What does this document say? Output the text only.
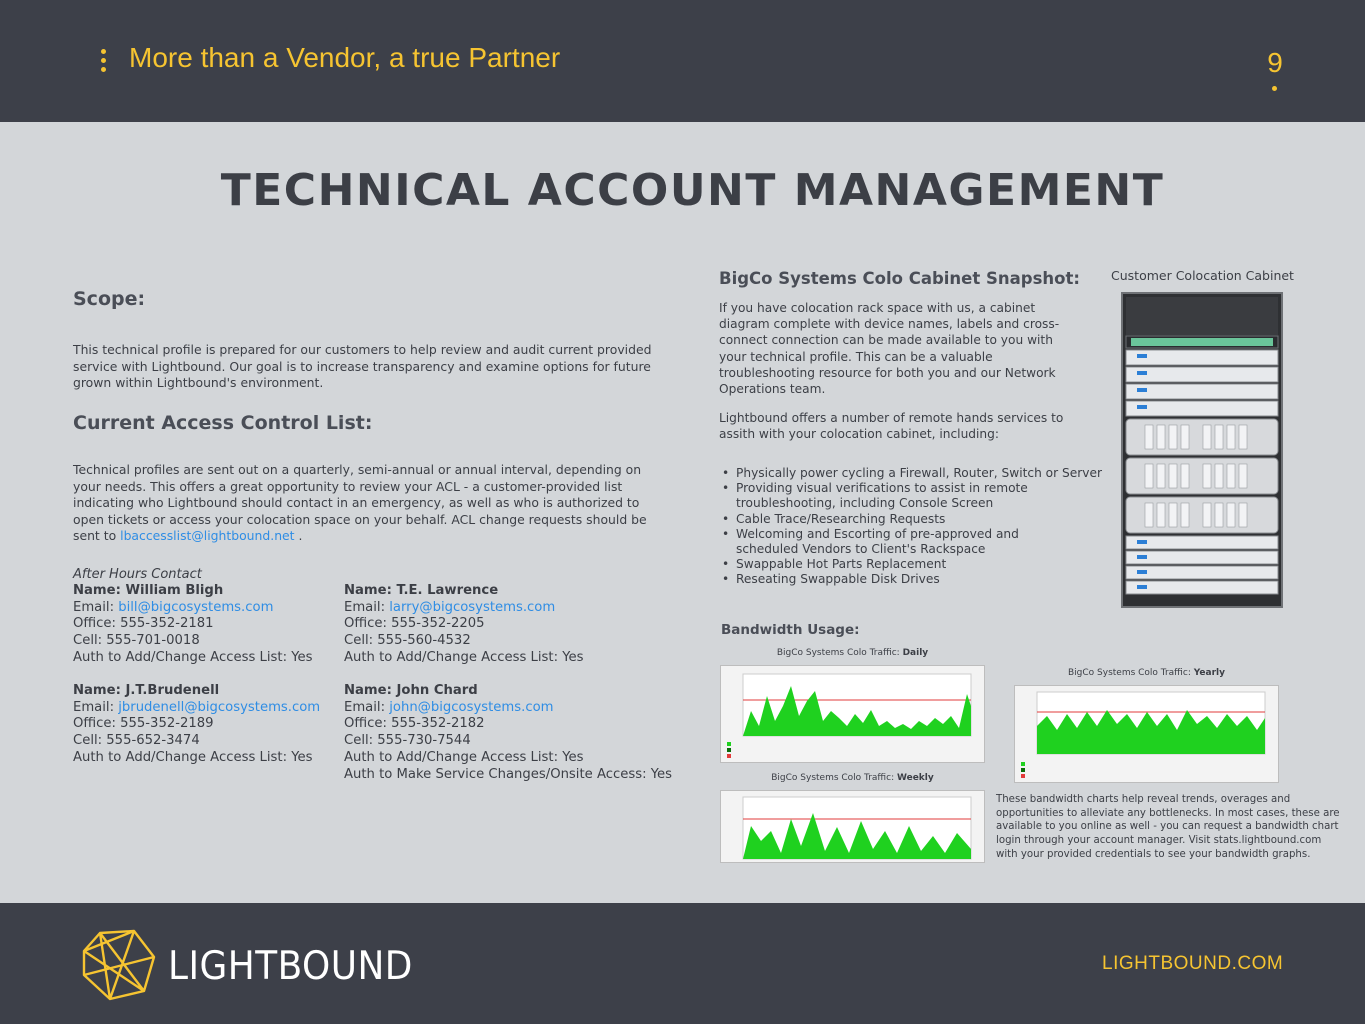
More than a Vendor, a true Partner	9
TECHNICAL ACCOUNT MANAGEMENT
Scope:
This technical profile is prepared for our customers to help review and audit current provided service with Lightbound. Our goal is to increase transparency and examine options for future grown within Lightbound's environment.
Current Access Control List:
Technical profiles are sent out on a quarterly, semi-annual or annual interval, depending on your needs. This offers a great opportunity to review your ACL - a customer-provided list indicating who Lightbound should contact in an emergency, as well as who is authorized to open tickets or access your colocation space on your behalf. ACL change requests should be sent to lbaccesslist@lightbound.net .
After Hours Contact
Name: William Bligh
Email: bill@bigcosystems.com
Office: 555-352-2181
Cell: 555-701-0018
Auth to Add/Change Access List: Yes
Name: T.E. Lawrence
Email: larry@bigcosystems.com
Office: 555-352-2205
Cell: 555-560-4532
Auth to Add/Change Access List: Yes
Name: J.T.Brudenell
Email: jbrudenell@bigcosystems.com
Office: 555-352-2189
Cell: 555-652-3474
Auth to Add/Change Access List: Yes
Name: John Chard
Email: john@bigcosystems.com
Office: 555-352-2182
Cell: 555-730-7544
Auth to Add/Change Access List: Yes
Auth to Make Service Changes/Onsite Access: Yes
BigCo Systems Colo Cabinet Snapshot:
If you have colocation rack space with us, a cabinet diagram complete with device names, labels and cross-connect connection can be made available to you with your technical profile. This can be a valuable troubleshooting resource for both you and our Network Operations team.
Lightbound offers a number of remote hands services to assith with your colocation cabinet, including:
• Physically power cycling a Firewall, Router, Switch or Server
• Providing visual verifications to assist in remote troubleshooting, including Console Screen
• Cable Trace/Researching Requests
• Welcoming and Escorting of pre-approved and scheduled Vendors to Client's Rackspace
• Swappable Hot Parts Replacement
• Reseating Swappable Disk Drives
Customer Colocation Cabinet
Bandwidth Usage:
BigCo Systems Colo Traffic: Daily
BigCo Systems Colo Traffic: Weekly
BigCo Systems Colo Traffic: Yearly
These bandwidth charts help reveal trends, overages and opportunities to alleviate any bottlenecks. In most cases, these are available to you online as well - you can request a bandwidth chart login through your account manager. Visit stats.lightbound.com with your provided credentials to see your bandwidth graphs.
LIGHTBOUND	LIGHTBOUND.COM
